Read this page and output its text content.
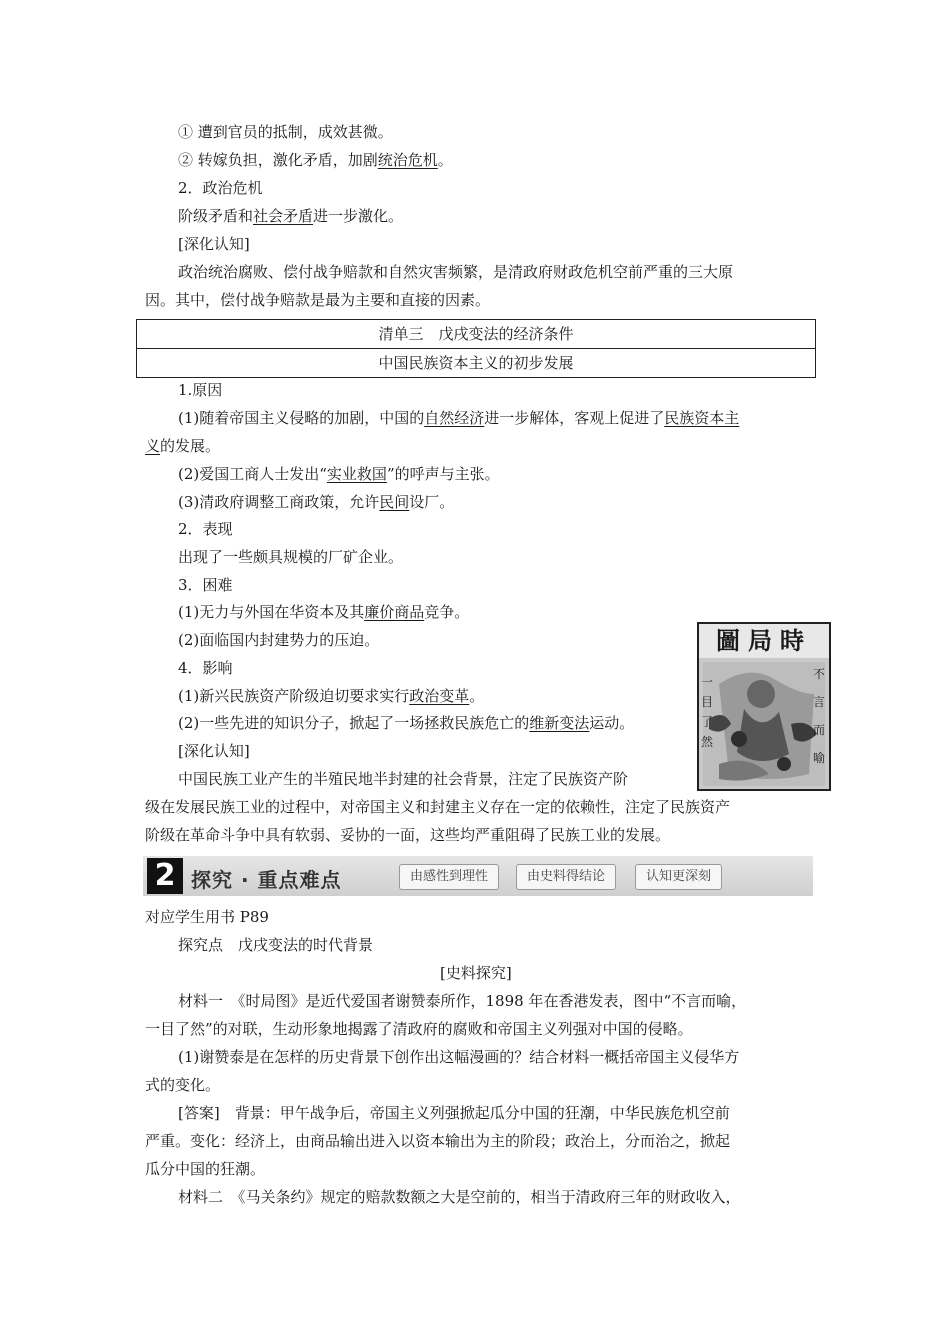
① 遭到官员的抵制，成效甚微。
② 转嫁负担，激化矛盾，加剧统治危机。
2．政治危机
阶级矛盾和社会矛盾进一步激化。
[深化认知]
政治统治腐败、偿付战争赔款和自然灾害频繁，是清政府财政危机空前严重的三大原
因。其中，偿付战争赔款是最为主要和直接的因素。
清单三　戊戌变法的经济条件
中国民族资本主义的初步发展
1.原因
(1)随着帝国主义侵略的加剧，中国的自然经济进一步解体，客观上促进了民族资本主
义的发展。
(2)爱国工商人士发出“实业救国”的呼声与主张。
(3)清政府调整工商政策，允许民间设厂。
2．表现
出现了一些颇具规模的厂矿企业。
3．困难
(1)无力与外国在华资本及其廉价商品竞争。
(2)面临国内封建势力的压迫。
4．影响
(1)新兴民族资产阶级迫切要求实行政治变革。
(2)一些先进的知识分子，掀起了一场拯救民族危亡的维新变法运动。
[深化认知]
中国民族工业产生的半殖民地半封建的社会背景，注定了民族资产阶
级在发展民族工业的过程中，对帝国主义和封建主义存在一定的依赖性，注定了民族资产
阶级在革命斗争中具有软弱、妥协的一面，这些均严重阻碍了民族工业的发展。
圖局時
一目了然
不言而喻
2 探究 · 重点难点	由感性到理性	由史料得结论	认知更深刻
对应学生用书 P89
探究点　戊戌变法的时代背景
[史料探究]
材料一　《时局图》是近代爱国者谢赞泰所作，1898 年在香港发表，图中“不言而喻，
一目了然”的对联，生动形象地揭露了清政府的腐败和帝国主义列强对中国的侵略。
(1)谢赞泰是在怎样的历史背景下创作出这幅漫画的？结合材料一概括帝国主义侵华方
式的变化。
[答案]　背景：甲午战争后，帝国主义列强掀起瓜分中国的狂潮，中华民族危机空前
严重。变化：经济上，由商品输出进入以资本输出为主的阶段；政治上，分而治之，掀起
瓜分中国的狂潮。
材料二　《马关条约》规定的赔款数额之大是空前的，相当于清政府三年的财政收入，
